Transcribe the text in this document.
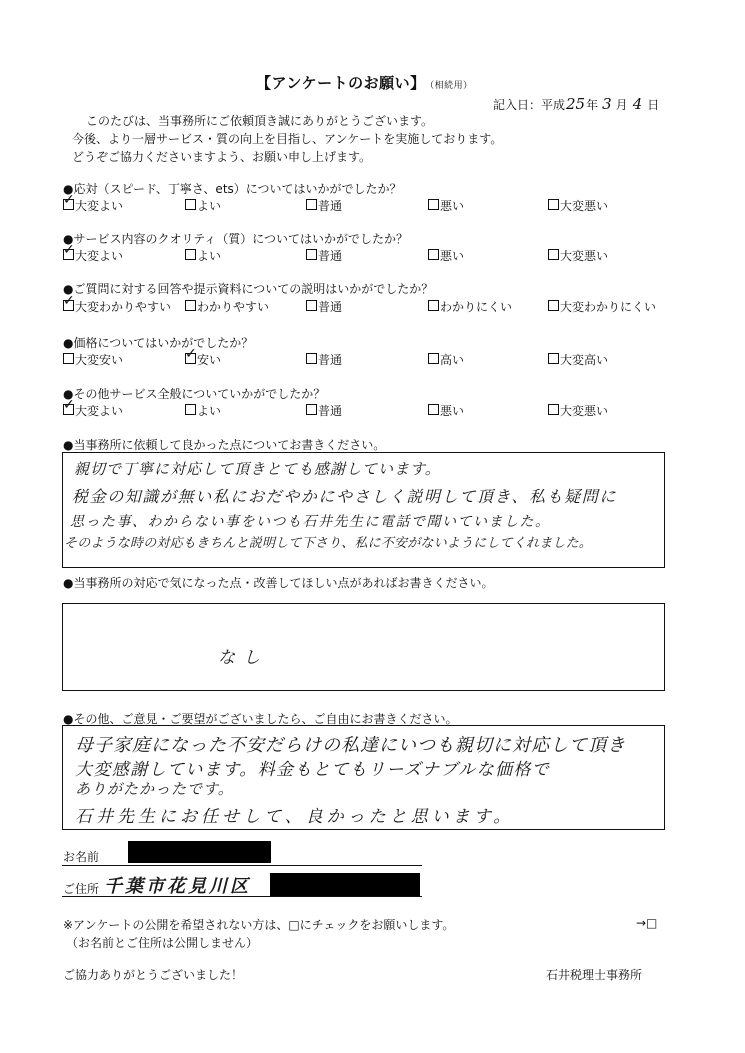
【アンケートのお願い】 （相続用）
記入日：平成25年 3 月 4 日
このたびは、当事務所にご依頼頂き誠にありがとうございます。
今後、より一層サービス・質の向上を目指し、アンケートを実施しております。
どうぞご協力くださいますよう、お願い申し上げます。
●応対（スピード、丁寧さ、ets）についてはいかがでしたか？
✓大変よい	よい	普通	悪い	大変悪い
●サービス内容のクオリティ（質）についてはいかがでしたか？
✓大変よい	よい	普通	悪い	大変悪い
●ご質問に対する回答や提示資料についての説明はいかがでしたか？
✓大変わかりやすい	わかりやすい	普通	わかりにくい	大変わかりにくい
●価格についてはいかがでしたか？
大変安い
✓	安い	普通	高い	大変高い
●その他サービス全般についていかがでしたか？
✓大変よい	よい	普通	悪い	大変悪い
●当事務所に依頼して良かった点についてお書きください。
親切で丁寧に対応して頂きとても感謝しています。
税金の知識が無い私におだやかにやさしく説明して頂き、私も疑問に
思った事、わからない事をいつも石井先生に電話で聞いていました。
そのような時の対応もきちんと説明して下さり、私に不安がないようにしてくれました。
●当事務所の対応で気になった点・改善してほしい点があればお書きください。
なし
●その他、ご意見・ご要望がございましたら、ご自由にお書きください。
母子家庭になった不安だらけの私達にいつも親切に対応して頂き
大変感謝しています。料金もとてもリーズナブルな価格で
ありがたかったです。
石井先生にお任せして、良かったと思います。
お名前
ご住所 千葉市花見川区
※アンケートの公開を希望されない方は、□にチェックをお願いします。
（お名前とご住所は公開しません）
→□
ご協力ありがとうございました！	石井税理士事務所
